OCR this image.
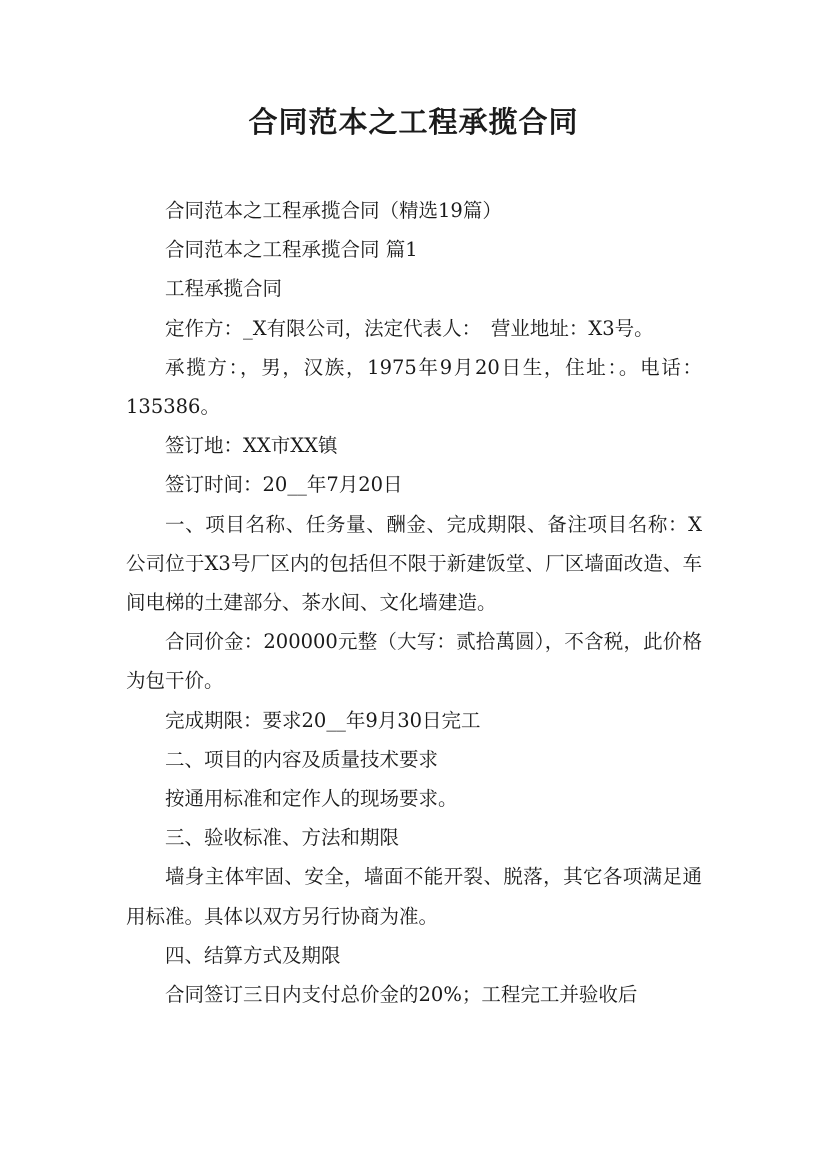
合同范本之工程承揽合同

合同范本之工程承揽合同（精选19篇）

合同范本之工程承揽合同 篇1

工程承揽合同

定作方：_X有限公司，法定代表人：　营业地址：X3号。

承揽方：，男，汉族，1975年9月20日生，住址：。电话：135386。

签订地：XX市XX镇

签订时间：20__年7月20日

一、项目名称、任务量、酬金、完成期限、备注项目名称：X公司位于X3号厂区内的包括但不限于新建饭堂、厂区墙面改造、车间电梯的土建部分、茶水间、文化墙建造。

合同价金：200000元整（大写：贰拾萬圆），不含税，此价格为包干价。

完成期限：要求20__年9月30日完工

二、项目的内容及质量技术要求

按通用标准和定作人的现场要求。

三、验收标准、方法和期限

墙身主体牢固、安全，墙面不能开裂、脱落，其它各项满足通用标准。具体以双方另行协商为准。

四、结算方式及期限

合同签订三日内支付总价金的20%；工程完工并验收后
